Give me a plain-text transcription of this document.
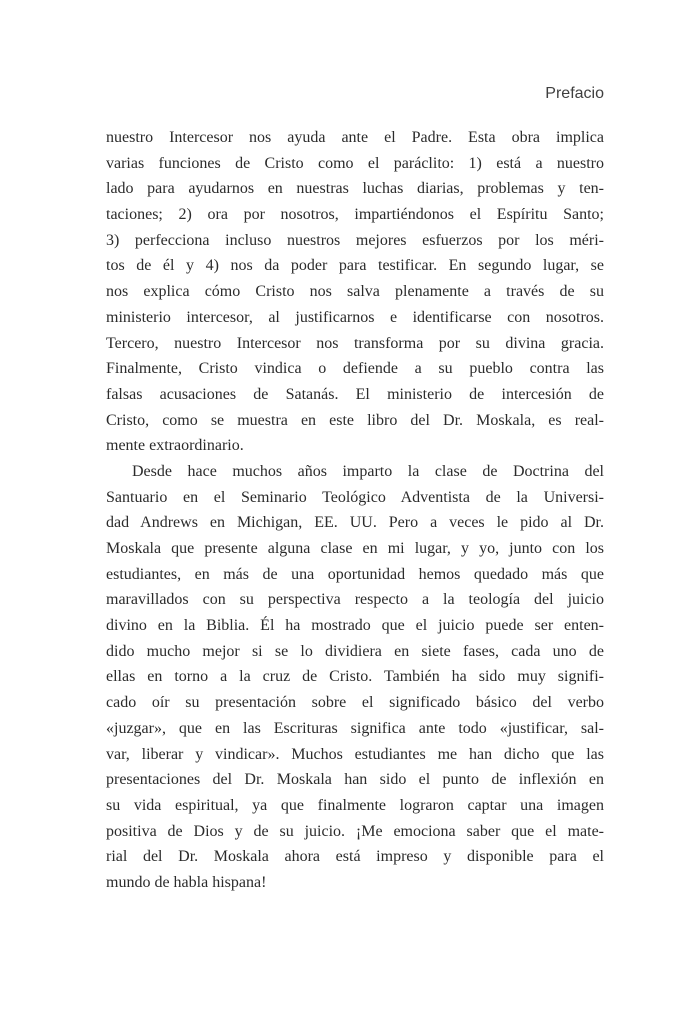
Prefacio
nuestro Intercesor nos ayuda ante el Padre. Esta obra implica
varias funciones de Cristo como el paráclito: 1) está a nuestro
lado para ayudarnos en nuestras luchas diarias, problemas y ten-
taciones; 2) ora por nosotros, impartiéndonos el Espíritu Santo;
3) perfecciona incluso nuestros mejores esfuerzos por los méri-
tos de él y 4) nos da poder para testificar. En segundo lugar, se
nos explica cómo Cristo nos salva plenamente a través de su
ministerio intercesor, al justificarnos e identificarse con nosotros.
Tercero, nuestro Intercesor nos transforma por su divina gracia.
Finalmente, Cristo vindica o defiende a su pueblo contra las
falsas acusaciones de Satanás. El ministerio de intercesión de
Cristo, como se muestra en este libro del Dr. Moskala, es real-
mente extraordinario.
Desde hace muchos años imparto la clase de Doctrina del
Santuario en el Seminario Teológico Adventista de la Universi-
dad Andrews en Michigan, EE. UU. Pero a veces le pido al Dr.
Moskala que presente alguna clase en mi lugar, y yo, junto con los
estudiantes, en más de una oportunidad hemos quedado más que
maravillados con su perspectiva respecto a la teología del juicio
divino en la Biblia. Él ha mostrado que el juicio puede ser enten-
dido mucho mejor si se lo dividiera en siete fases, cada uno de
ellas en torno a la cruz de Cristo. También ha sido muy signifi-
cado oír su presentación sobre el significado básico del verbo
«juzgar», que en las Escrituras significa ante todo «justificar, sal-
var, liberar y vindicar». Muchos estudiantes me han dicho que las
presentaciones del Dr. Moskala han sido el punto de inflexión en
su vida espiritual, ya que finalmente lograron captar una imagen
positiva de Dios y de su juicio. ¡Me emociona saber que el mate-
rial del Dr. Moskala ahora está impreso y disponible para el
mundo de habla hispana!
